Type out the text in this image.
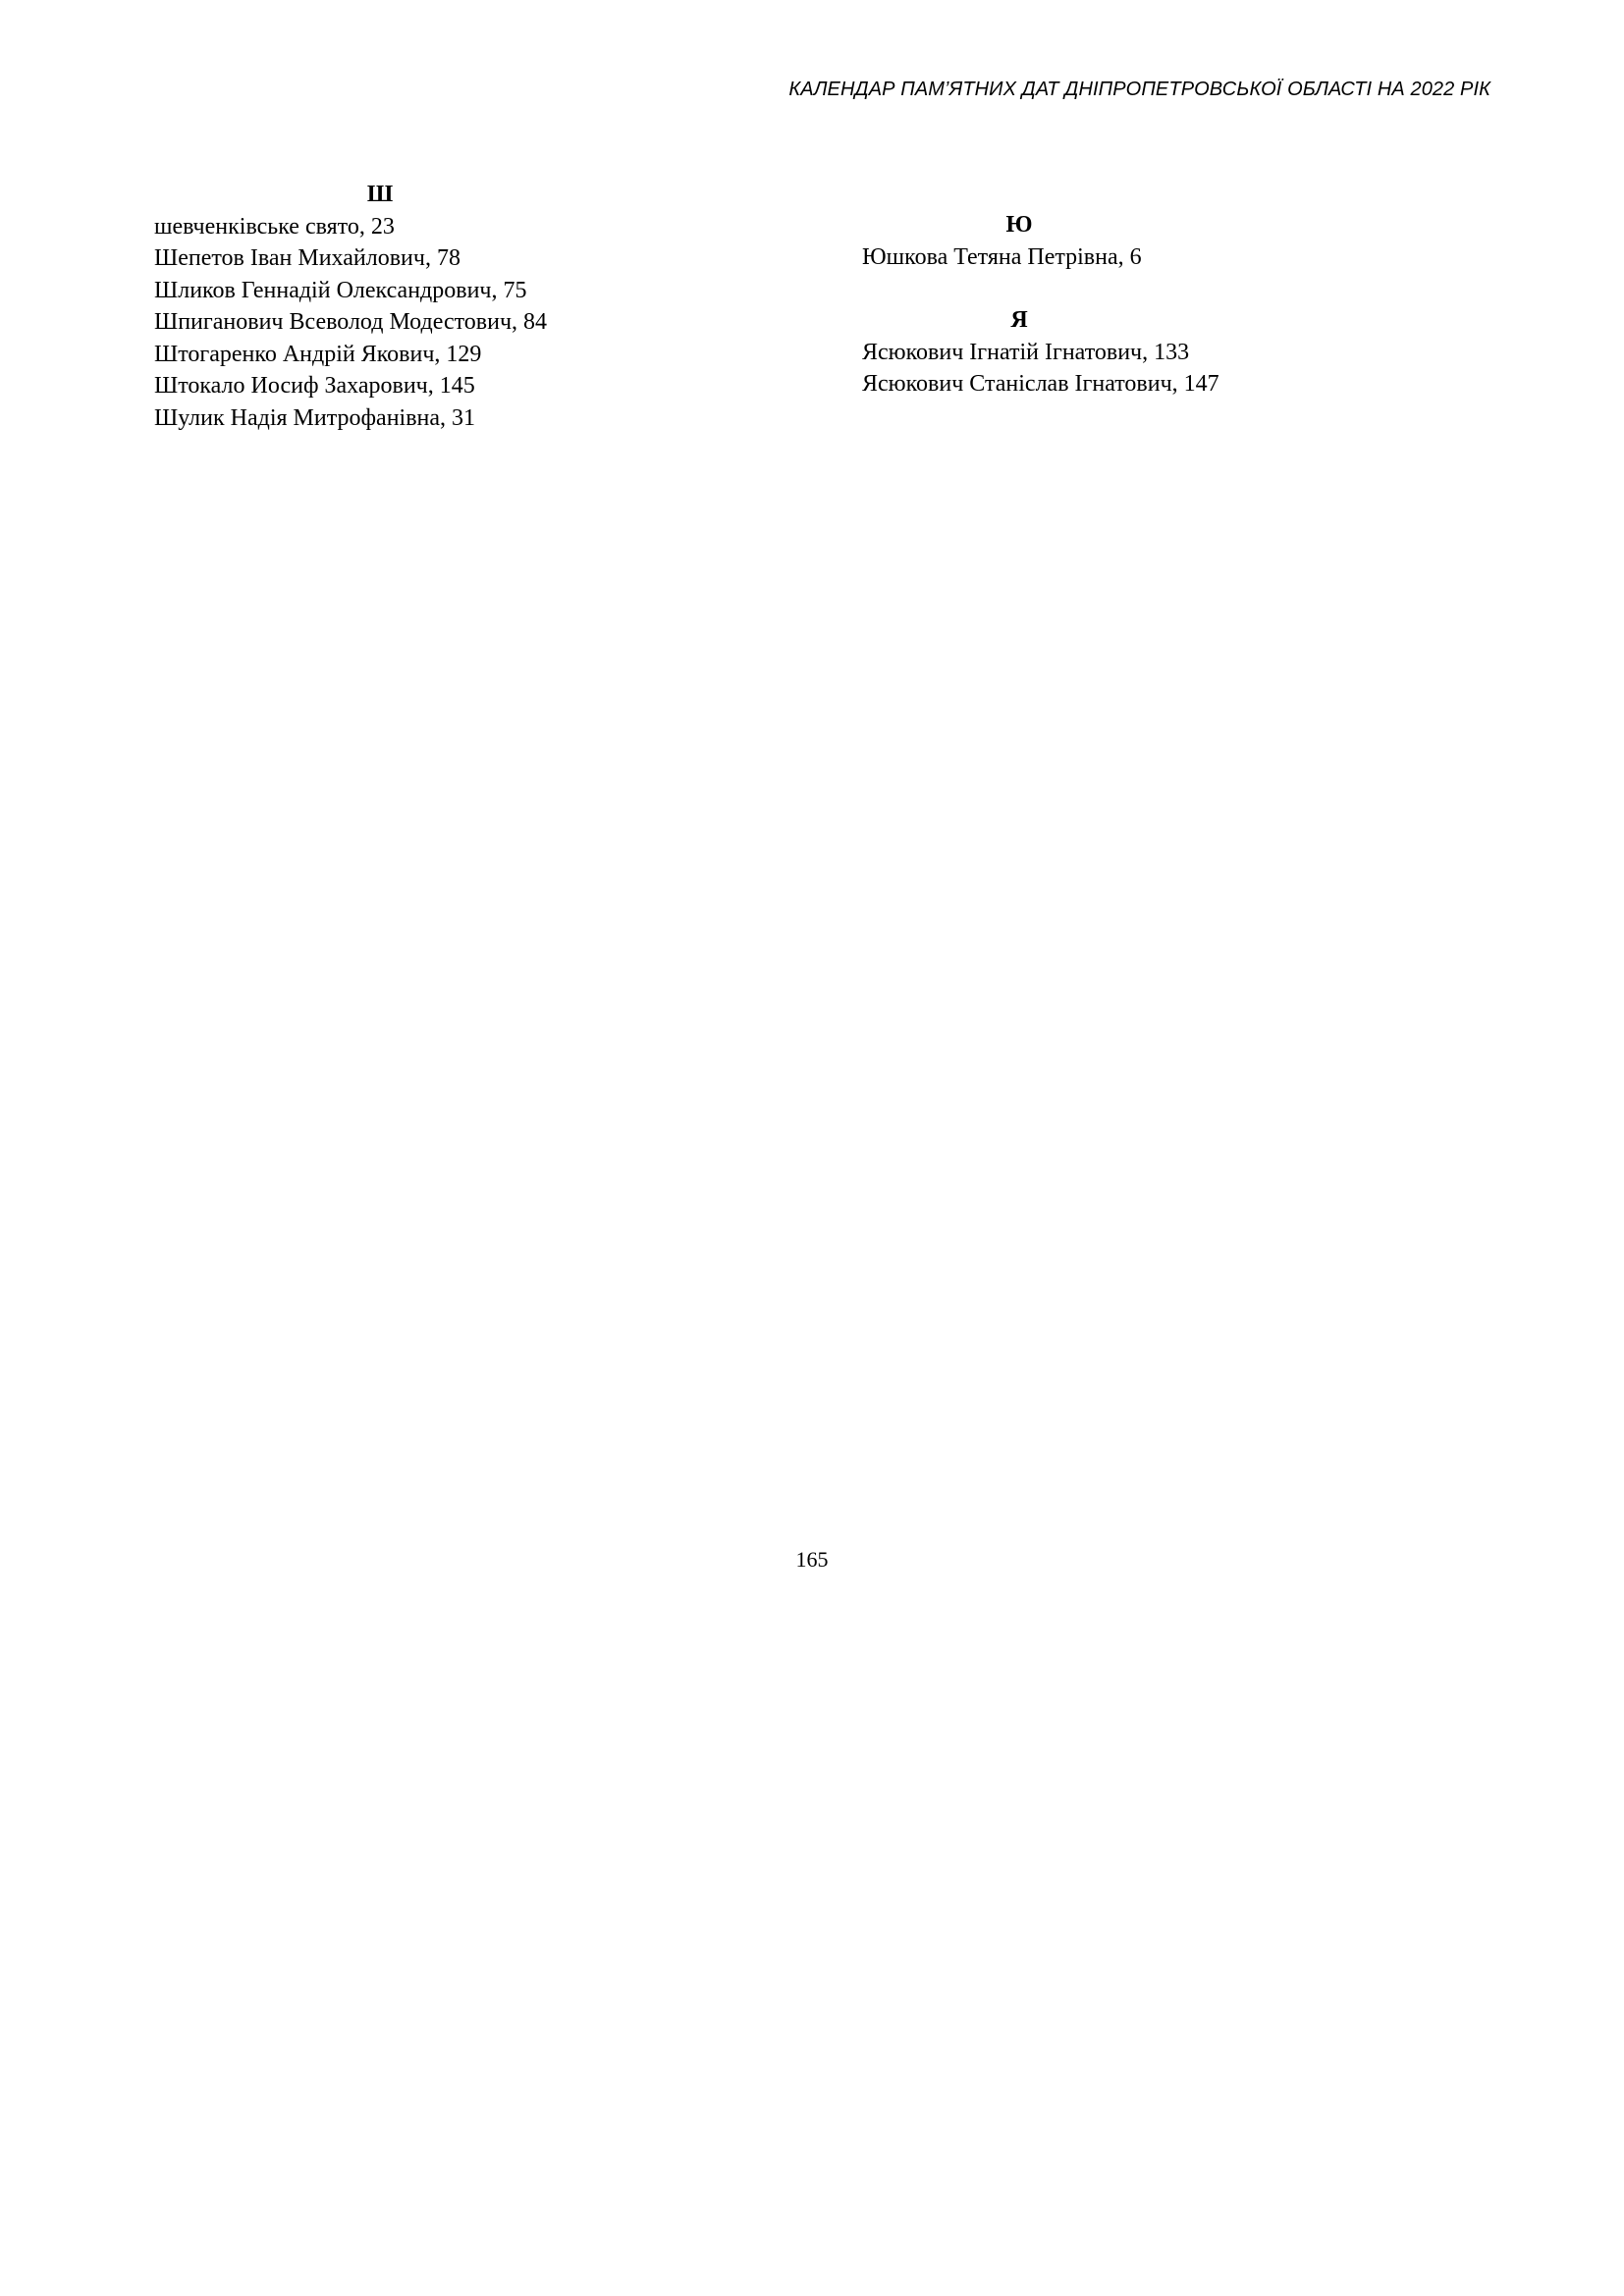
КАЛЕНДАР ПАМ’ЯТНИХ ДАТ ДНІПРОПЕТРОВСЬКОЇ ОБЛАСТІ НА 2022 РІК

Ш

шевченківське свято, 23
Шепетов Іван Михайлович, 78
Шликов Геннадій Олександрович, 75
Шпиганович Всеволод Модестович, 84
Штогаренко Андрій Якович, 129
Штокало Иосиф Захарович, 145
Шулик Надія Митрофанівна, 31

Ю

Юшкова Тетяна Петрівна, 6

Я

Ясюкович Ігнатій Ігнатович, 133
Ясюкович Станіслав Ігнатович, 147
165
